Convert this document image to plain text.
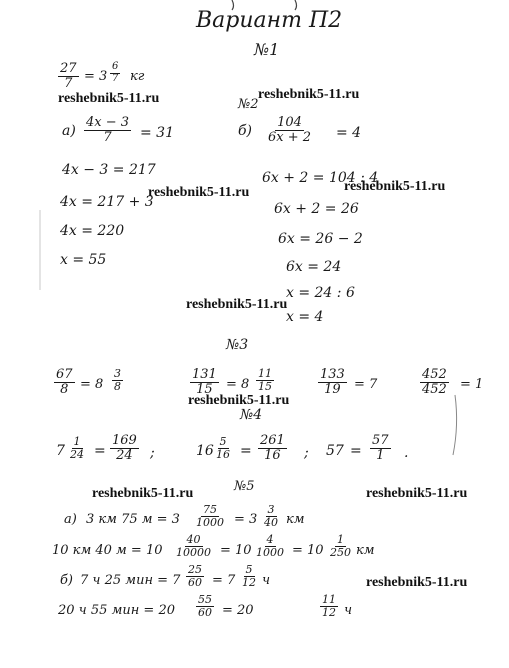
Вариант П2
№1
$\frac{27}{7} = 3 \frac{6}{7}$ кг
$a) \frac{4x - 3}{7} = 31$
4x − 3 = 217
4x = 217 + 3
4x = 220
x = 55
№2
$б) \frac{104}{6x + 2} = 4$
6x + 2 = 104 : 4
6x + 2 = 26
6x = 26 − 2
6x = 24
x = 24 : 6
x = 4
№3
$\frac{67}{8} = 8 \frac{3}{8}$	$\frac{131}{15} = 8 \frac{11}{15}$	$\frac{133}{19} = 7$	$\frac{452}{452} = 1$
№4
$7 \frac{1}{24} = \frac{169}{24}$ ;	$16 \frac{5}{16} = \frac{261}{16}$ ; $57 = \frac{57}{1}$ .
№5
a) 3 км 75 $м = 3 \frac{75}{1000} = 3 \frac{3}{40}$ км
10 км 40 $м = 10 \frac{40}{10000} = 10 \frac{4}{1000} = 10 \frac{1}{250}$ км
б) 7 ч 25 мин = $7 \frac{25}{60} = 7 \frac{5}{12}$ ч
20 ч 55 мин = $20 \frac{55}{60} = 20$	$\frac{11}{12}$ ч
reshebnik5-11.ru	reshebnik5-11.ru
reshebnik5-11.ru	reshebnik5-11.ru
reshebnik5-11.ru
reshebnik5-11.ru
reshebnik5-11.ru	reshebnik5-11.ru
reshebnik5-11.ru
